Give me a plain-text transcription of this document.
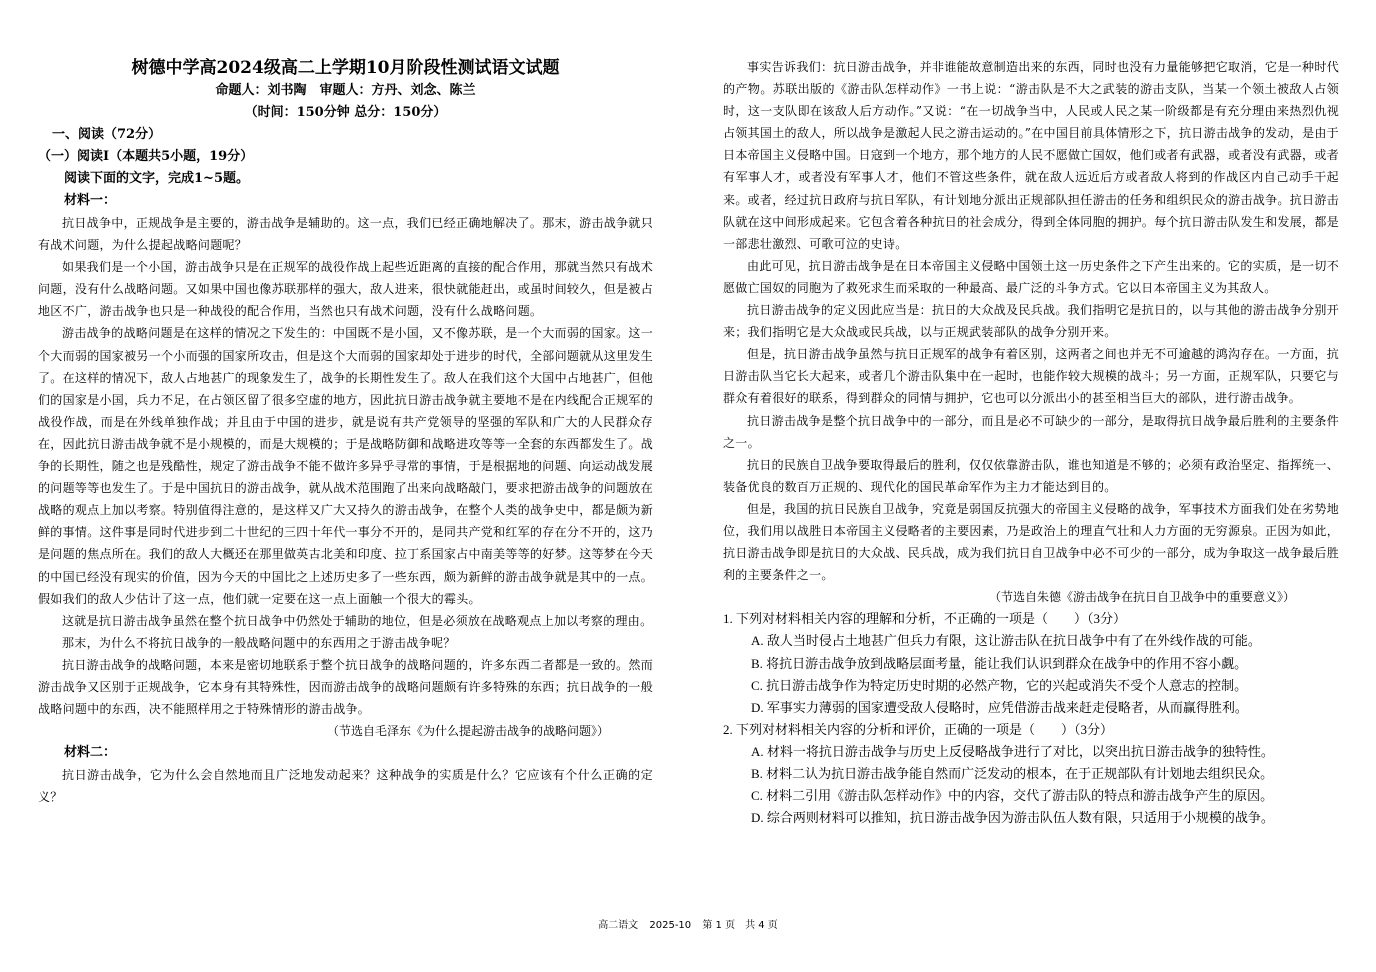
树德中学高2024级高二上学期10月阶段性测试语文试题
命题人：刘书陶　审题人：方丹、刘念、陈兰
（时间：150分钟 总分：150分）
一、阅读（72分）
（一）阅读Ⅰ（本题共5小题，19分）
阅读下面的文字，完成1~5题。
材料一：

抗日战争中，正规战争是主要的，游击战争是辅助的。这一点，我们已经正确地解决了。那末，游击战争就只有战术问题，为什么提起战略问题呢？

如果我们是一个小国，游击战争只是在正规军的战役作战上起些近距离的直接的配合作用，那就当然只有战术问题，没有什么战略问题。又如果中国也像苏联那样的强大，敌人进来，很快就能赶出，或虽时间较久，但是被占地区不广，游击战争也只是一种战役的配合作用，当然也只有战术问题，没有什么战略问题。

游击战争的战略问题是在这样的情况之下发生的：中国既不是小国，又不像苏联，是一个大而弱的国家。这一个大而弱的国家被另一个小而强的国家所攻击，但是这个大而弱的国家却处于进步的时代，全部问题就从这里发生了。在这样的情况下，敌人占地甚广的现象发生了，战争的长期性发生了。敌人在我们这个大国中占地甚广，但他们的国家是小国，兵力不足，在占领区留了很多空虚的地方，因此抗日游击战争就主要地不是在内线配合正规军的战役作战，而是在外线单独作战；并且由于中国的进步，就是说有共产党领导的坚强的军队和广大的人民群众存在，因此抗日游击战争就不是小规模的，而是大规模的；于是战略防御和战略进攻等等一全套的东西都发生了。战争的长期性，随之也是残酷性，规定了游击战争不能不做许多异乎寻常的事情，于是根据地的问题、向运动战发展的问题等等也发生了。于是中国抗日的游击战争，就从战术范围跑了出来向战略敲门，要求把游击战争的问题放在战略的观点上加以考察。特别值得注意的，是这样又广大又持久的游击战争，在整个人类的战争史中，都是颇为新鲜的事情。这件事是同时代进步到二十世纪的三四十年代一事分不开的，是同共产党和红军的存在分不开的，这乃是问题的焦点所在。我们的敌人大概还在那里做英古北美和印度、拉丁系国家占中南美等等的好梦。这等梦在今天的中国已经没有现实的价值，因为今天的中国比之上述历史多了一些东西，颇为新鲜的游击战争就是其中的一点。假如我们的敌人少估计了这一点，他们就一定要在这一点上面触一个很大的霉头。

这就是抗日游击战争虽然在整个抗日战争中仍然处于辅助的地位，但是必须放在战略观点上加以考察的理由。

那末，为什么不将抗日战争的一般战略问题中的东西用之于游击战争呢？

抗日游击战争的战略问题，本来是密切地联系于整个抗日战争的战略问题的，许多东西二者都是一致的。然而游击战争又区别于正规战争，它本身有其特殊性，因而游击战争的战略问题颇有许多特殊的东西；抗日战争的一般战略问题中的东西，决不能照样用之于特殊情形的游击战争。

（节选自毛泽东《为什么提起游击战争的战略问题》）

材料二：

抗日游击战争，它为什么会自然地而且广泛地发动起来？这种战争的实质是什么？它应该有个什么正确的定义？

事实告诉我们：抗日游击战争，并非谁能故意制造出来的东西，同时也没有力量能够把它取消，它是一种时代的产物。苏联出版的《游击队怎样动作》一书上说：“游击队是不大之武装的游击支队，当某一个领土被敌人占领时，这一支队即在该敌人后方动作。”又说：“在一切战争当中，人民或人民之某一阶级都是有充分理由来热烈仇视占领其国土的敌人，所以战争是激起人民之游击运动的。”在中国目前具体情形之下，抗日游击战争的发动，是由于日本帝国主义侵略中国。日寇到一个地方，那个地方的人民不愿做亡国奴，他们或者有武器，或者没有武器，或者有军事人才，或者没有军事人才，他们不管这些条件，就在敌人远近后方或者敌人将到的作战区内自己动手干起来。或者，经过抗日政府与抗日军队，有计划地分派出正规部队担任游击的任务和组织民众的游击战争。抗日游击队就在这中间形成起来。它包含着各种抗日的社会成分，得到全体同胞的拥护。每个抗日游击队发生和发展，都是一部悲壮激烈、可歌可泣的史诗。

由此可见，抗日游击战争是在日本帝国主义侵略中国领土这一历史条件之下产生出来的。它的实质，是一切不愿做亡国奴的同胞为了救死求生而采取的一种最高、最广泛的斗争方式。它以日本帝国主义为其敌人。

抗日游击战争的定义因此应当是：抗日的大众战及民兵战。我们指明它是抗日的，以与其他的游击战争分别开来；我们指明它是大众战或民兵战，以与正规武装部队的战争分别开来。

但是，抗日游击战争虽然与抗日正规军的战争有着区别，这两者之间也并无不可逾越的鸿沟存在。一方面，抗日游击队当它长大起来，或者几个游击队集中在一起时，也能作较大规模的战斗；另一方面，正规军队，只要它与群众有着很好的联系，得到群众的同情与拥护，它也可以分派出小的甚至相当巨大的部队，进行游击战争。

抗日游击战争是整个抗日战争中的一部分，而且是必不可缺少的一部分，是取得抗日战争最后胜利的主要条件之一。

抗日的民族自卫战争要取得最后的胜利，仅仅依靠游击队，谁也知道是不够的；必须有政治坚定、指挥统一、装备优良的数百万正规的、现代化的国民革命军作为主力才能达到目的。

但是，我国的抗日民族自卫战争，究竟是弱国反抗强大的帝国主义侵略的战争，军事技术方面我们处在劣势地位，我们用以战胜日本帝国主义侵略者的主要因素，乃是政治上的理直气壮和人力方面的无穷源泉。正因为如此，抗日游击战争即是抗日的大众战、民兵战，成为我们抗日自卫战争中必不可少的一部分，成为争取这一战争最后胜利的主要条件之一。

（节选自朱德《游击战争在抗日自卫战争中的重要意义》）

1. 下列对材料相关内容的理解和分析，不正确的一项是（　　）（3分）
A. 敌人当时侵占土地甚广但兵力有限，这让游击队在抗日战争中有了在外线作战的可能。
B. 将抗日游击战争放到战略层面考量，能让我们认识到群众在战争中的作用不容小觑。
C. 抗日游击战争作为特定历史时期的必然产物，它的兴起或消失不受个人意志的控制。
D. 军事实力薄弱的国家遭受敌人侵略时，应凭借游击战来赶走侵略者，从而赢得胜利。
2. 下列对材料相关内容的分析和评价，正确的一项是（　　）（3分）
A. 材料一将抗日游击战争与历史上反侵略战争进行了对比，以突出抗日游击战争的独特性。
B. 材料二认为抗日游击战争能自然而广泛发动的根本，在于正规部队有计划地去组织民众。
C. 材料二引用《游击队怎样动作》中的内容，交代了游击队的特点和游击战争产生的原因。
D. 综合两则材料可以推知，抗日游击战争因为游击队伍人数有限，只适用于小规模的战争。
高二语文 2025-10 第 1 页　共 4 页
